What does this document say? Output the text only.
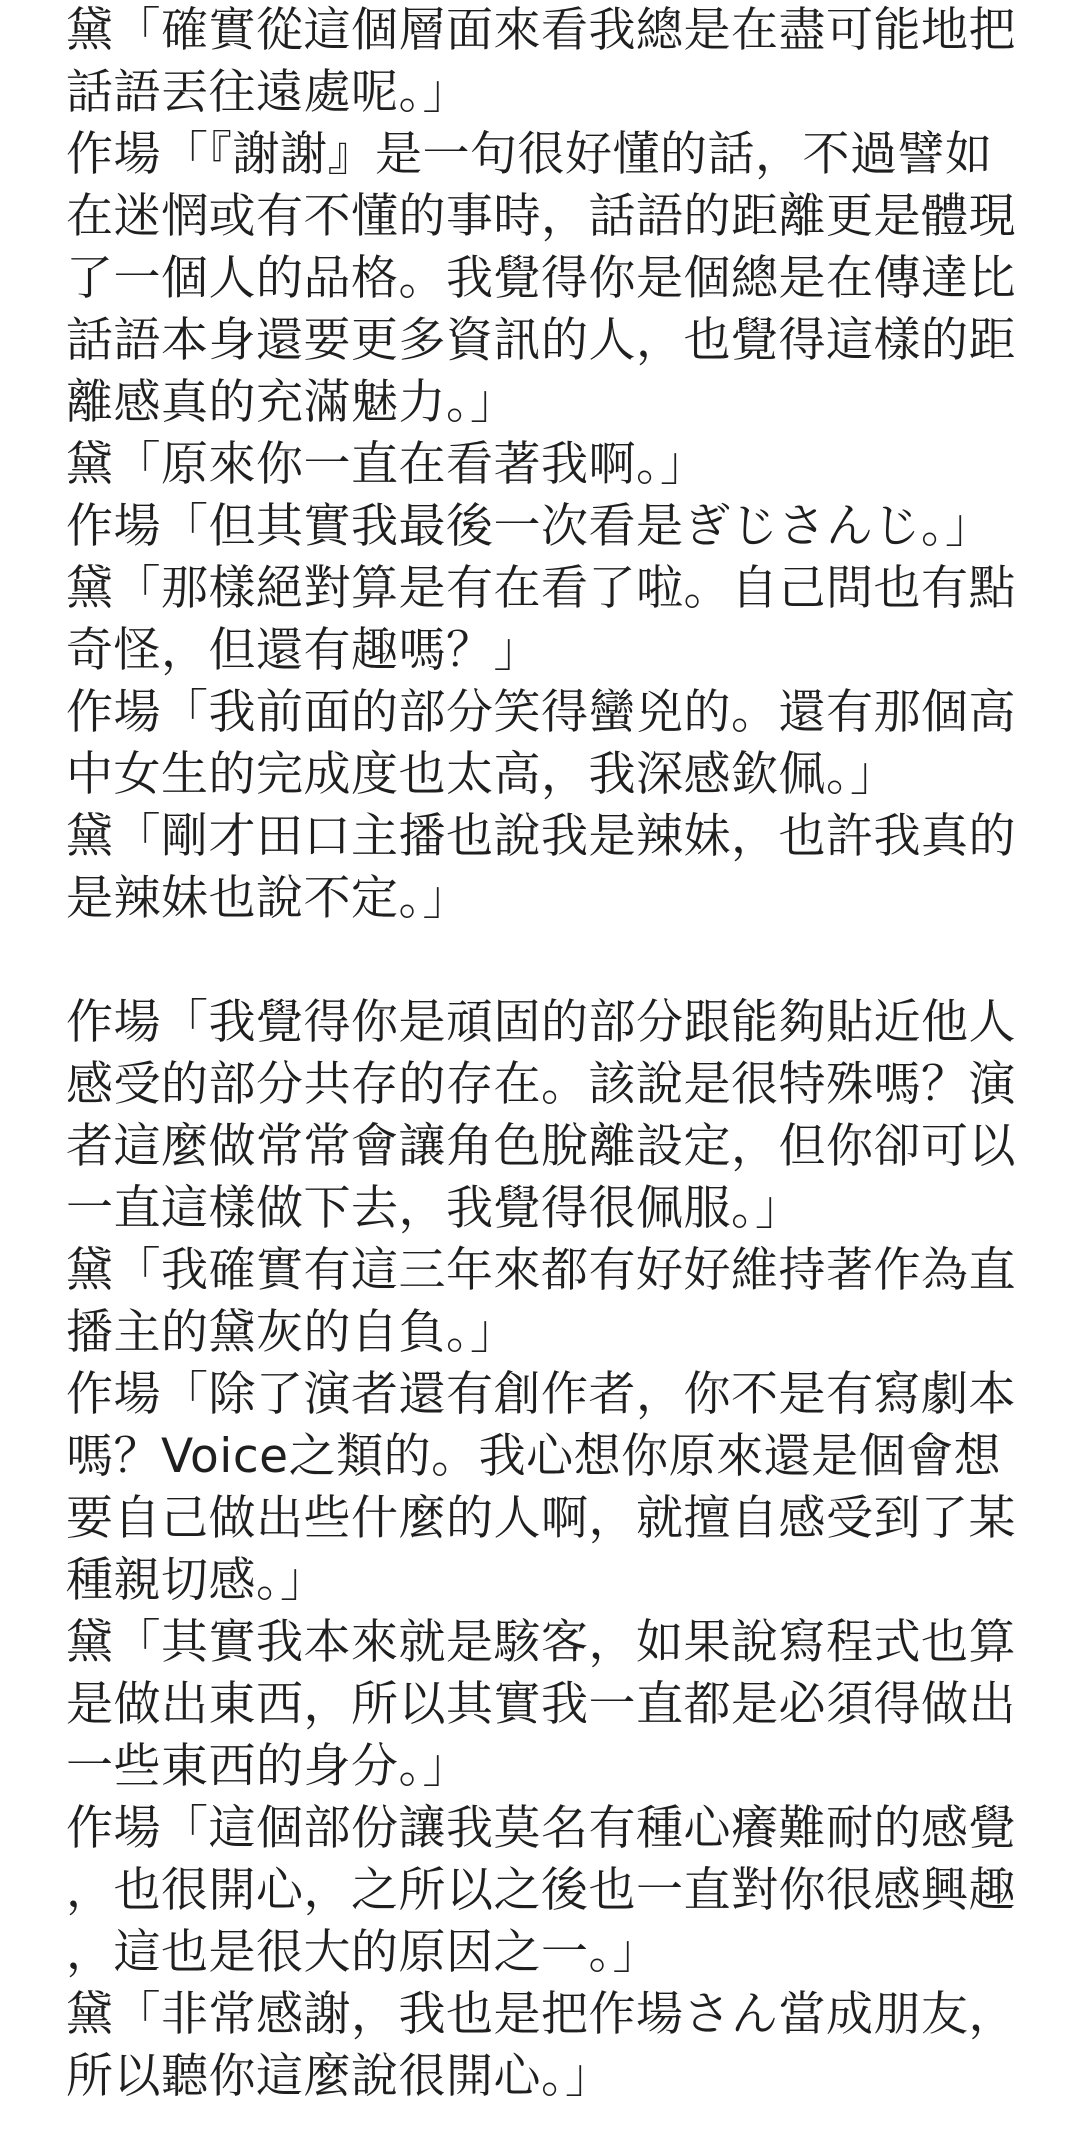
黛「確實從這個層面來看我總是在盡可能地把
話語丟往遠處呢。」
作場「『謝謝』是一句很好懂的話，不過譬如
在迷惘或有不懂的事時，話語的距離更是體現
了一個人的品格。我覺得你是個總是在傳達比
話語本身還要更多資訊的人，也覺得這樣的距
離感真的充滿魅力。」
黛「原來你一直在看著我啊。」
作場「但其實我最後一次看是ぎじさんじ。」
黛「那樣絕對算是有在看了啦。自己問也有點
奇怪，但還有趣嗎？」
作場「我前面的部分笑得蠻兇的。還有那個高
中女生的完成度也太高，我深感欽佩。」
黛「剛才田口主播也說我是辣妹，也許我真的
是辣妹也說不定。」
作場「我覺得你是頑固的部分跟能夠貼近他人
感受的部分共存的存在。該說是很特殊嗎？演
者這麼做常常會讓角色脫離設定，但你卻可以
一直這樣做下去，我覺得很佩服。」
黛「我確實有這三年來都有好好維持著作為直
播主的黛灰的自負。」
作場「除了演者還有創作者，你不是有寫劇本
嗎？Voice之類的。我心想你原來還是個會想
要自己做出些什麼的人啊，就擅自感受到了某
種親切感。」
黛「其實我本來就是駭客，如果說寫程式也算
是做出東西，所以其實我一直都是必須得做出
一些東西的身分。」
作場「這個部份讓我莫名有種心癢難耐的感覺
，也很開心，之所以之後也一直對你很感興趣
，這也是很大的原因之一。」
黛「非常感謝，我也是把作場さん當成朋友，
所以聽你這麼說很開心。」
